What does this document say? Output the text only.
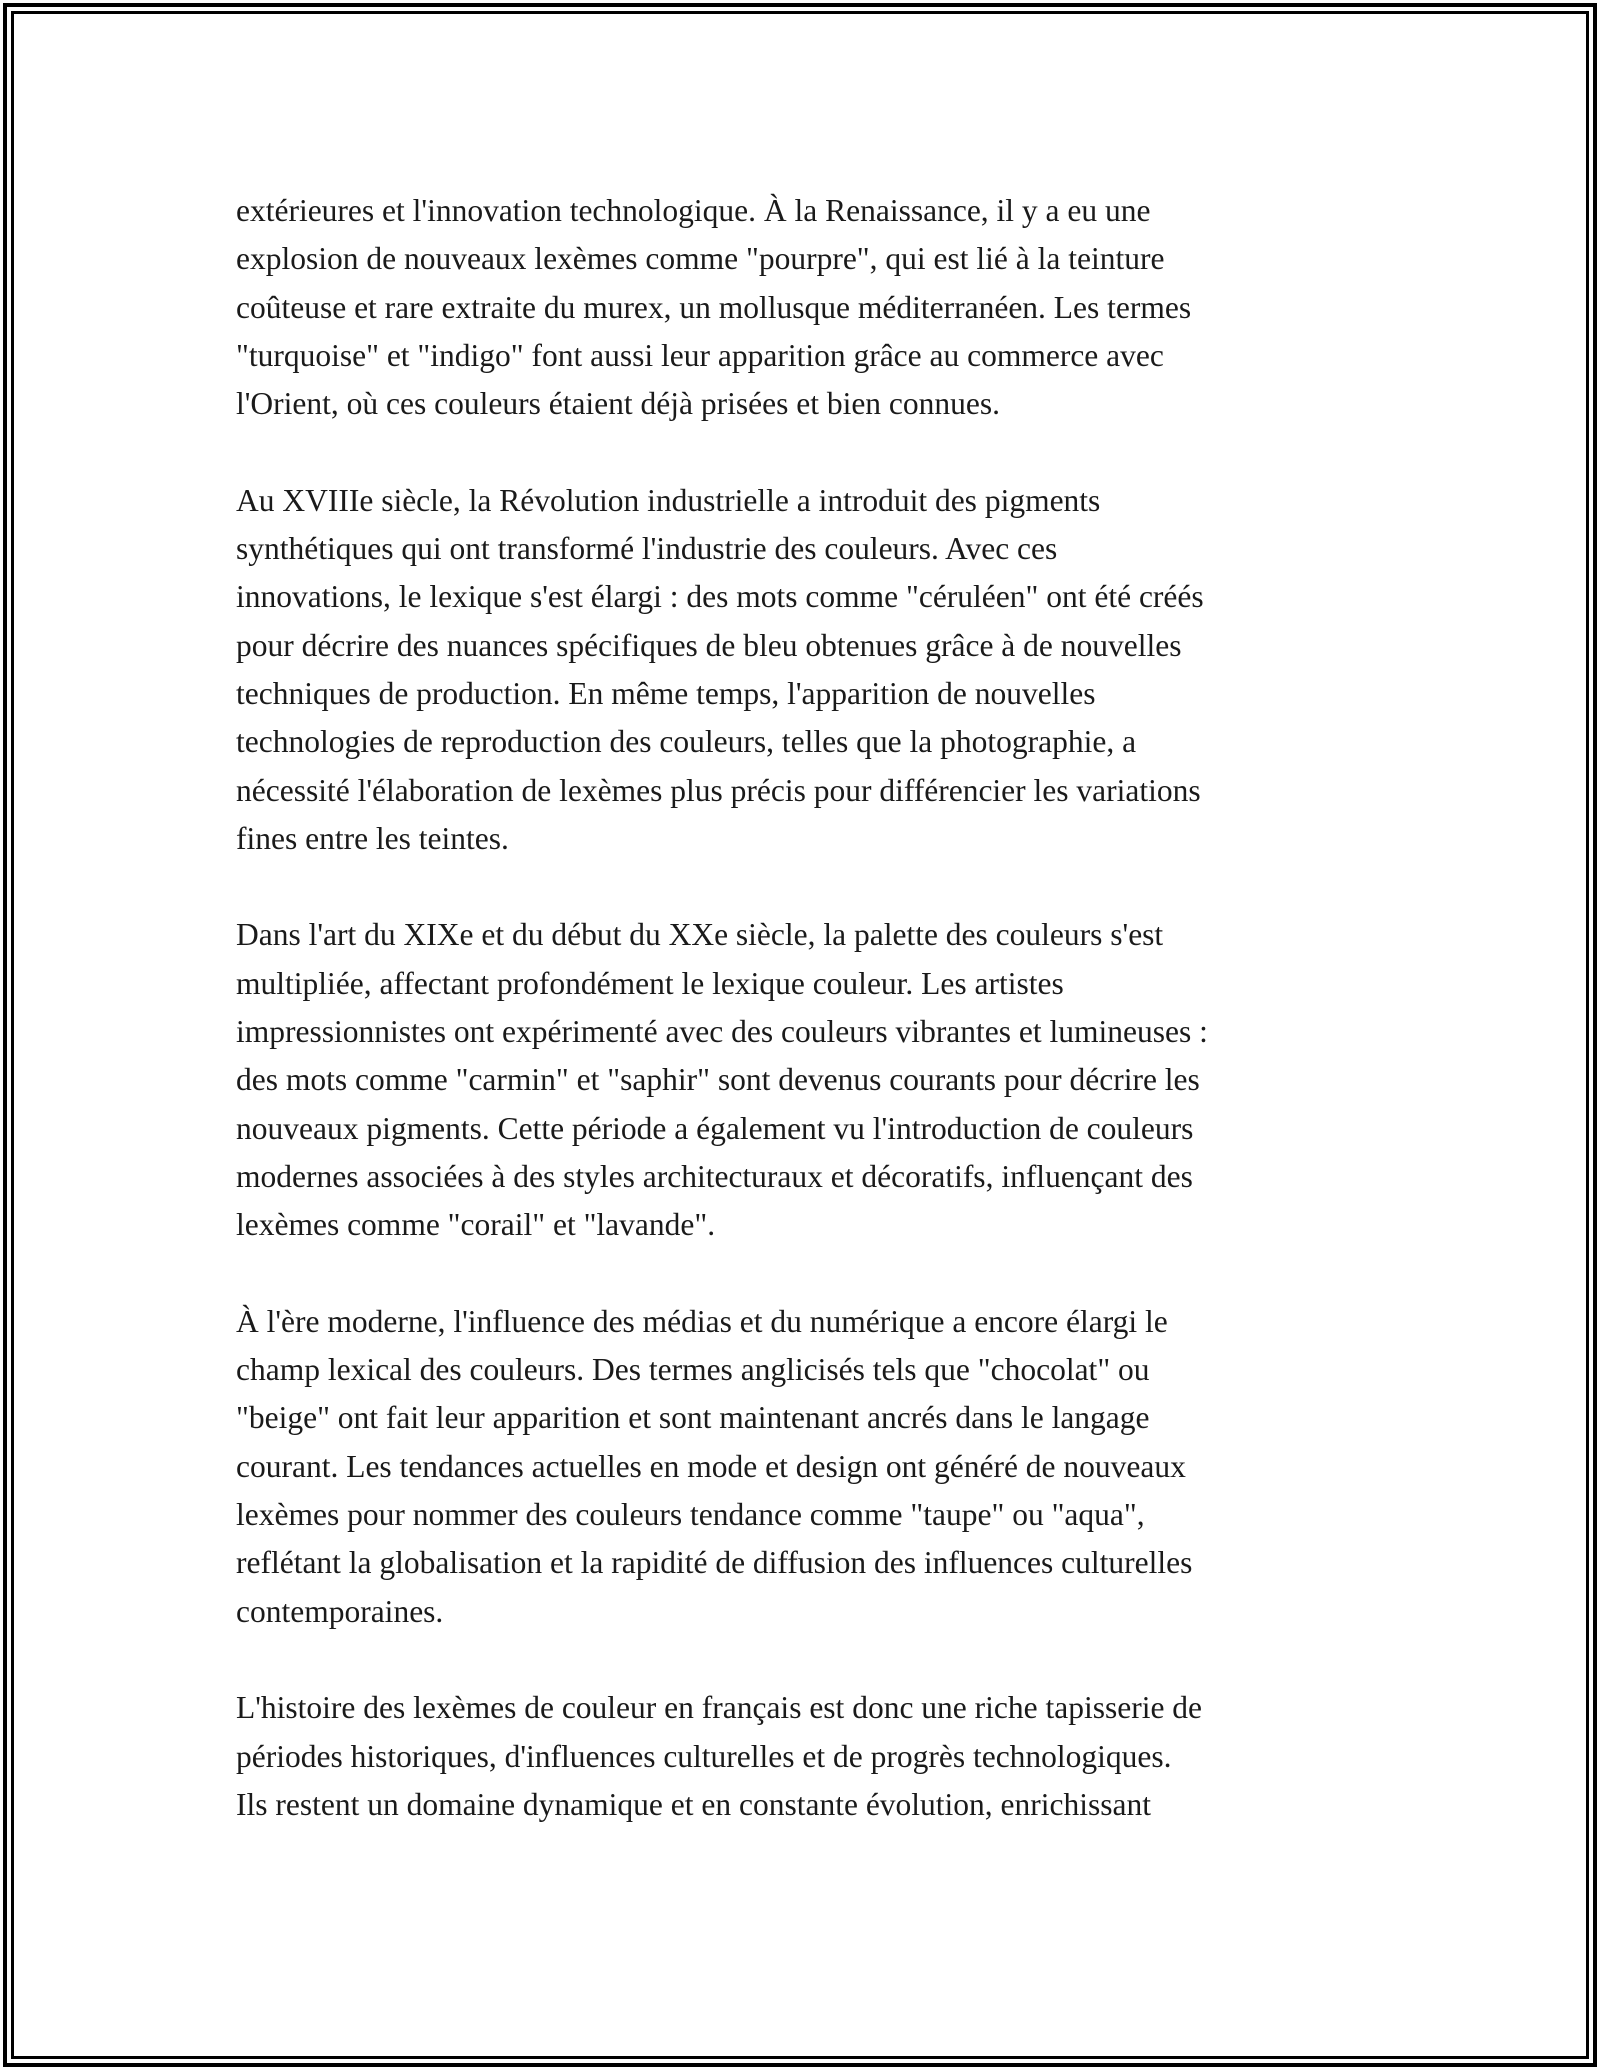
extérieures et l'innovation technologique. À la Renaissance, il y a eu une
explosion de nouveaux lexèmes comme "pourpre", qui est lié à la teinture
coûteuse et rare extraite du murex, un mollusque méditerranéen. Les termes
"turquoise" et "indigo" font aussi leur apparition grâce au commerce avec
l'Orient, où ces couleurs étaient déjà prisées et bien connues.

Au XVIIIe siècle, la Révolution industrielle a introduit des pigments
synthétiques qui ont transformé l'industrie des couleurs. Avec ces
innovations, le lexique s'est élargi : des mots comme "céruléen" ont été créés
pour décrire des nuances spécifiques de bleu obtenues grâce à de nouvelles
techniques de production. En même temps, l'apparition de nouvelles
technologies de reproduction des couleurs, telles que la photographie, a
nécessité l'élaboration de lexèmes plus précis pour différencier les variations
fines entre les teintes.

Dans l'art du XIXe et du début du XXe siècle, la palette des couleurs s'est
multipliée, affectant profondément le lexique couleur. Les artistes
impressionnistes ont expérimenté avec des couleurs vibrantes et lumineuses :
des mots comme "carmin" et "saphir" sont devenus courants pour décrire les
nouveaux pigments. Cette période a également vu l'introduction de couleurs
modernes associées à des styles architecturaux et décoratifs, influençant des
lexèmes comme "corail" et "lavande".

À l'ère moderne, l'influence des médias et du numérique a encore élargi le
champ lexical des couleurs. Des termes anglicisés tels que "chocolat" ou
"beige" ont fait leur apparition et sont maintenant ancrés dans le langage
courant. Les tendances actuelles en mode et design ont généré de nouveaux
lexèmes pour nommer des couleurs tendance comme "taupe" ou "aqua",
reflétant la globalisation et la rapidité de diffusion des influences culturelles
contemporaines.

L'histoire des lexèmes de couleur en français est donc une riche tapisserie de
périodes historiques, d'influences culturelles et de progrès technologiques.
Ils restent un domaine dynamique et en constante évolution, enrichissant
